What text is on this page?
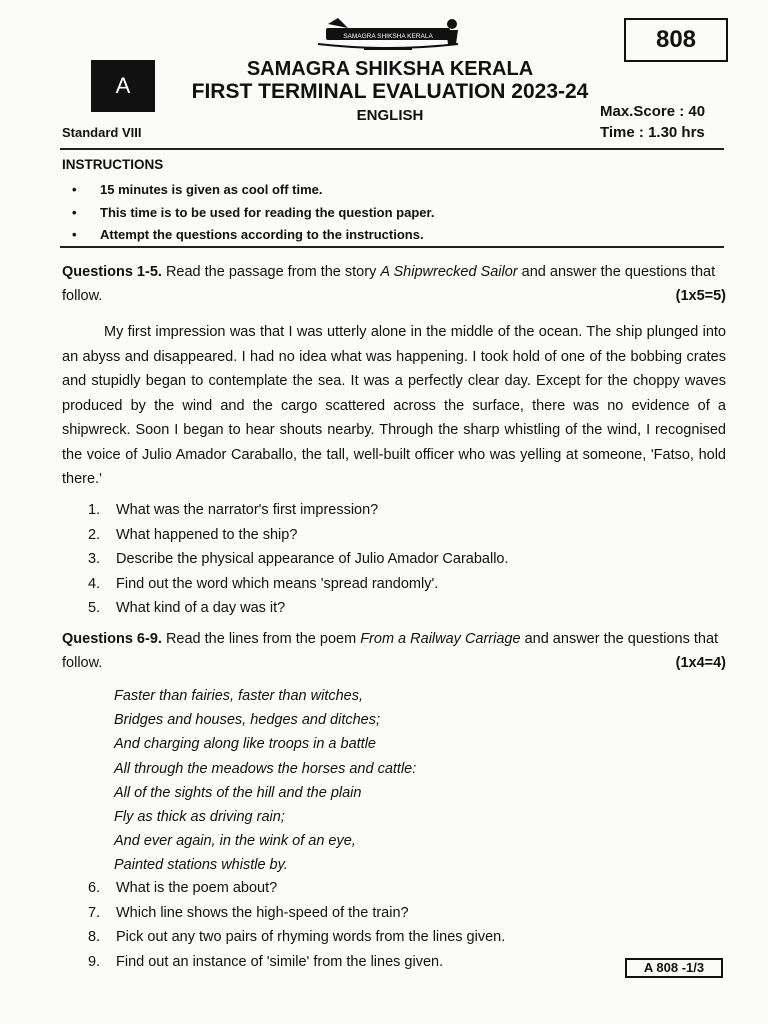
SAMAGRA SHIKSHA KERALA	808
A
SAMAGRA SHIKSHA KERALA
FIRST TERMINAL EVALUATION 2023-24
ENGLISH	Max.Score : 40
Time : 1.30 hrs
Standard VIII
INSTRUCTIONS
• 15 minutes is given as cool off time.
• This time is to be used for reading the question paper.
• Attempt the questions according to the instructions.
Questions 1-5. Read the passage from the story A Shipwrecked Sailor and answer the questions that follow.	(1x5=5)
My first impression was that I was utterly alone in the middle of the ocean. The ship plunged into an abyss and disappeared. I had no idea what was happening. I took hold of one of the bobbing crates and stupidly began to contemplate the sea. It was a perfectly clear day. Except for the choppy waves produced by the wind and the cargo scattered across the surface, there was no evidence of a shipwreck. Soon I began to hear shouts nearby. Through the sharp whistling of the wind, I recognised the voice of Julio Amador Caraballo, the tall, well-built officer who was yelling at someone, 'Fatso, hold there.'
1. What was the narrator's first impression?
2. What happened to the ship?
3. Describe the physical appearance of Julio Amador Caraballo.
4. Find out the word which means 'spread randomly'.
5. What kind of a day was it?
Questions 6-9. Read the lines from the poem From a Railway Carriage and answer the questions that follow.	(1x4=4)
Faster than fairies, faster than witches,
Bridges and houses, hedges and ditches;
And charging along like troops in a battle
All through the meadows the horses and cattle:
All of the sights of the hill and the plain
Fly as thick as driving rain;
And ever again, in the wink of an eye,
Painted stations whistle by.
6. What is the poem about?
7. Which line shows the high-speed of the train?
8. Pick out any two pairs of rhyming words from the lines given.
9. Find out an instance of 'simile' from the lines given.	A 808 -1/3
